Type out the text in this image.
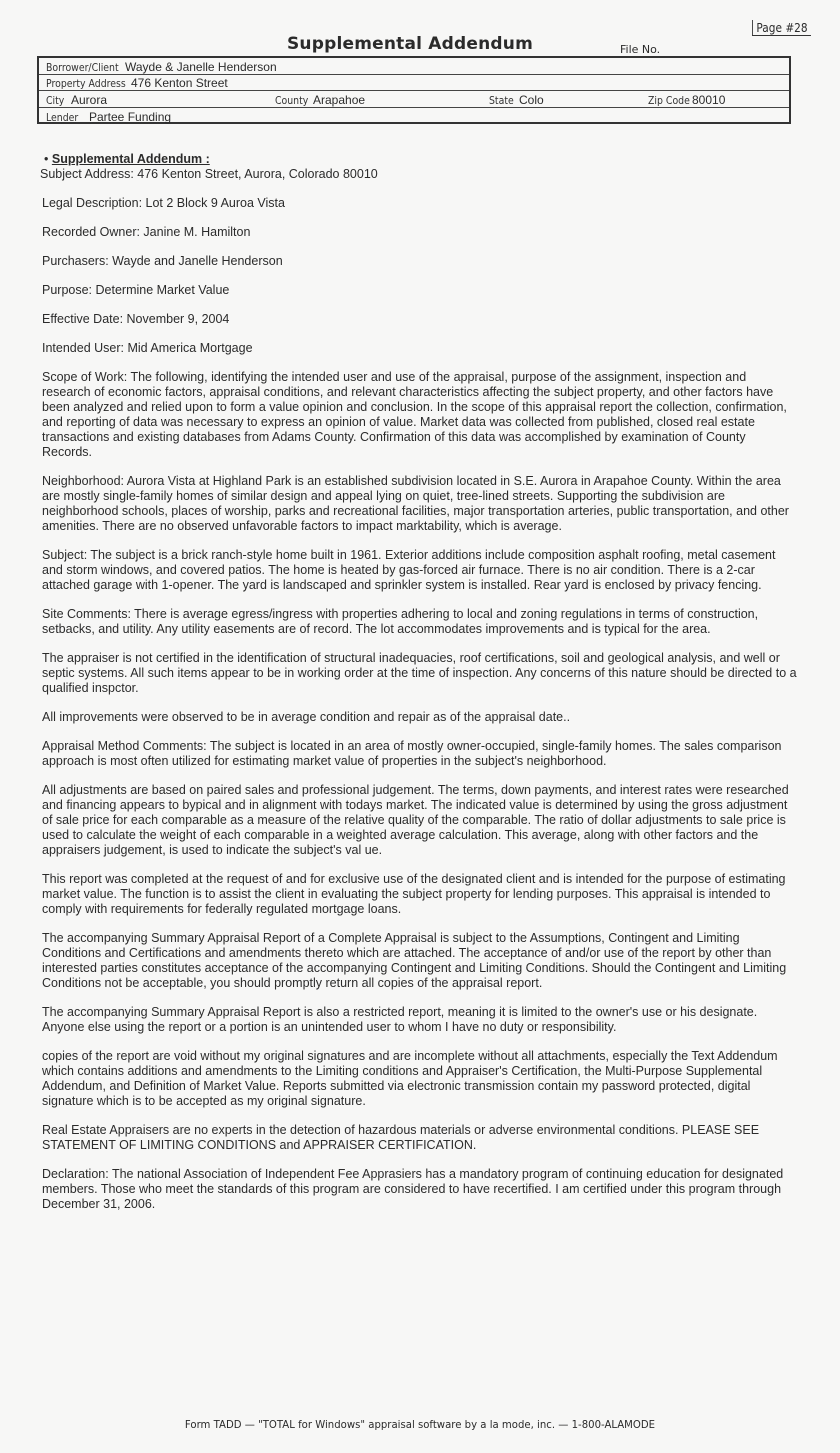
Page #28
Supplemental Addendum	File No.
Borrower/Client Wayde & Janelle Henderson
Property Address 476 Kenton Street
City Aurora	County Arapahoe	State Colo	Zip Code 80010
Lender Partee Funding
• Supplemental Addendum :

Subject Address: 476 Kenton Street, Aurora, Colorado 80010

Legal Description: Lot 2 Block 9 Auroa Vista

Recorded Owner: Janine M. Hamilton

Purchasers: Wayde and Janelle Henderson

Purpose: Determine Market Value

Effective Date: November 9, 2004

Intended User: Mid America Mortgage

Scope of Work: The following, identifying the intended user and use of the appraisal, purpose of the assignment, inspection and research of economic factors, appraisal conditions, and relevant characteristics affecting the subject property, and other factors have been analyzed and relied upon to form a value opinion and conclusion. In the scope of this appraisal report the collection, confirmation, and reporting of data was necessary to express an opinion of value. Market data was collected from published, closed real estate transactions and existing databases from Adams County. Confirmation of this data was accomplished by examination of County Records.

Neighborhood: Aurora Vista at Highland Park is an established subdivision located in S.E. Aurora in Arapahoe County. Within the area are mostly single-family homes of similar design and appeal lying on quiet, tree-lined streets. Supporting the subdivision are neighborhood schools, places of worship, parks and recreational facilities, major transportation arteries, public transportation, and other amenities. There are no observed unfavorable factors to impact marktability, which is average.

Subject: The subject is a brick ranch-style home built in 1961. Exterior additions include composition asphalt roofing, metal casement and storm windows, and covered patios. The home is heated by gas-forced air furnace. There is no air condition. There is a 2-car attached garage with 1-opener. The yard is landscaped and sprinkler system is installed. Rear yard is enclosed by privacy fencing.

Site Comments: There is average egress/ingress with properties adhering to local and zoning regulations in terms of construction, setbacks, and utility. Any utility easements are of record. The lot accommodates improvements and is typical for the area.

The appraiser is not certified in the identification of structural inadequacies, roof certifications, soil and geological analysis, and well or septic systems. All such items appear to be in working order at the time of inspection. Any concerns of this nature should be directed to a qualified inspctor.

All improvements were observed to be in average condition and repair as of the appraisal date..

Appraisal Method Comments: The subject is located in an area of mostly owner-occupied, single-family homes. The sales comparison approach is most often utilized for estimating market value of properties in the subject's neighborhood.

All adjustments are based on paired sales and professional judgement. The terms, down payments, and interest rates were researched and financing appears to bypical and in alignment with todays market. The indicated value is determined by using the gross adjustment of sale price for each comparable as a measure of the relative quality of the comparable. The ratio of dollar adjustments to sale price is used to calculate the weight of each comparable in a weighted average calculation. This average, along with other factors and the appraisers judgement, is used to indicate the subject's val ue.

This report was completed at the request of and for exclusive use of the designated client and is intended for the purpose of estimating market value. The function is to assist the client in evaluating the subject property for lending purposes. This appraisal is intended to comply with requirements for federally regulated mortgage loans.

The accompanying Summary Appraisal Report of a Complete Appraisal is subject to the Assumptions, Contingent and Limiting Conditions and Certifications and amendments thereto which are attached. The acceptance of and/or use of the report by other than interested parties constitutes acceptance of the accompanying Contingent and Limiting Conditions. Should the Contingent and Limiting Conditions not be acceptable, you should promptly return all copies of the appraisal report.

The accompanying Summary Appraisal Report is also a restricted report, meaning it is limited to the owner's use or his designate. Anyone else using the report or a portion is an unintended user to whom I have no duty or responsibility.

copies of the report are void without my original signatures and are incomplete without all attachments, especially the Text Addendum which contains additions and amendments to the Limiting conditions and Appraiser's Certification, the Multi-Purpose Supplemental Addendum, and Definition of Market Value. Reports submitted via electronic transmission contain my password protected, digital signature which is to be accepted as my original signature.

Real Estate Appraisers are no experts in the detection of hazardous materials or adverse environmental conditions. PLEASE SEE STATEMENT OF LIMITING CONDITIONS and APPRAISER CERTIFICATION.

Declaration: The national Association of Independent Fee Apprasiers has a mandatory program of continuing education for designated members. Those who meet the standards of this program are considered to have recertified. I am certified under this program through December 31, 2006.

Form TADD — "TOTAL for Windows" appraisal software by a la mode, inc. — 1-800-ALAMODE
